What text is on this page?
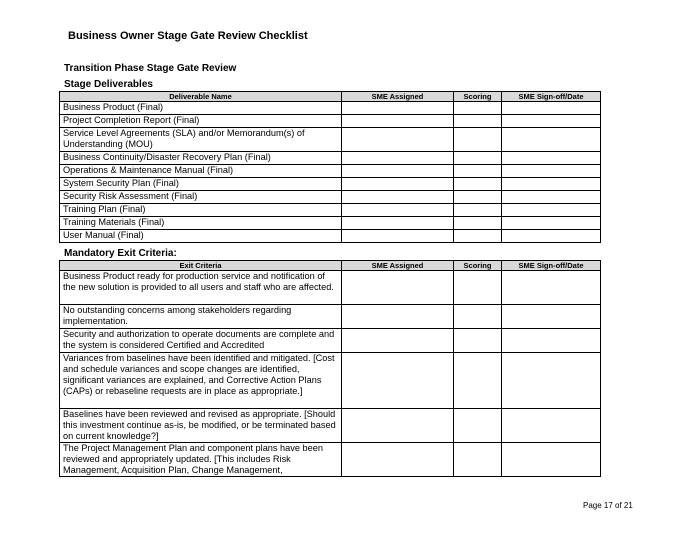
Business Owner Stage Gate Review Checklist
Transition Phase Stage Gate Review
Stage Deliverables
Deliverable Name	SME Assigned	Scoring	SME Sign-off/Date
Business Product (Final)			
Project Completion Report (Final)			
Service Level Agreements (SLA) and/or Memorandum(s) of Understanding (MOU)			
Business Continuity/Disaster Recovery Plan (Final)			
Operations & Maintenance Manual (Final)			
System Security Plan (Final)			
Security Risk Assessment (Final)			
Training Plan (Final)			
Training Materials (Final)			
User Manual (Final)			
Mandatory Exit Criteria:
Exit Criteria	SME Assigned	Scoring	SME Sign-off/Date
Business Product ready for production service and notification of the new solution is provided to all users and staff who are affected.			
No outstanding concerns among stakeholders regarding implementation.			
Security and authorization to operate documents are complete and the system is considered Certified and Accredited			
Variances from baselines have been identified and mitigated. [Cost and schedule variances and scope changes are identified, significant variances are explained, and Corrective Action Plans (CAPs) or rebaseline requests are in place as appropriate.]			
Baselines have been reviewed and revised as appropriate. [Should this investment continue as-is, be modified, or be terminated based on current knowledge?]			
The Project Management Plan and component plans have been reviewed and appropriately updated. [This includes Risk Management, Acquisition Plan, Change Management,			
Page 17 of 21
